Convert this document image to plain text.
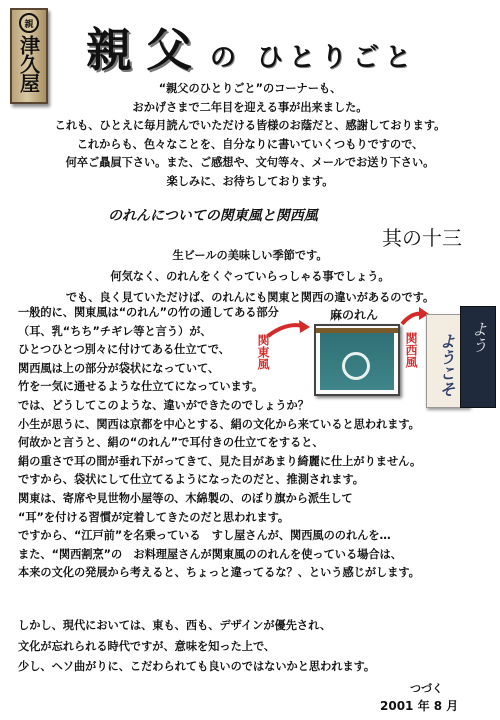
親
津久屋 親父 の ひとりごと
“親父のひとりごと”のコーナーも、
おかげさまで二年目を迎える事が出来ました。
これも、ひとえに毎月読んでいただける皆様のお蔭だと、感謝しております。
これからも、色々なことを、自分なりに書いていくつもりですので、
何卒ご贔屓下さい。また、ご感想や、文句等々、メールでお送り下さい。
楽しみに、お待ちしております。
のれんについての関東風と関西風
其の十三
生ビールの美味しい季節です。
何気なく、のれんをくぐっていらっしゃる事でしょう。
でも、良く見ていただけば、のれんにも関東と関西の違いがあるのです。
一般的に、関東風は“のれん”の竹の通してある部分
（耳、乳“ちち”チギレ等と言う）が、
ひとつひとつ別々に付けてある仕立てで、
関西風は上の部分が袋状になっていて、
竹を一気に通せるような仕立てになっています。
関東風
麻のれん
関西風 ようこそ よう
では、どうしてこのような、違いができたのでしょうか？
小生が思うに、関西は京都を中心とする、絹の文化から来ていると思われます。
何故かと言うと、絹の“のれん”で耳付きの仕立てをすると、
絹の重さで耳の間が垂れ下がってきて、見た目があまり綺麗に仕上がりません。
ですから、袋状にして仕立てるようになったのだと、推測されます。
関東は、寄席や見世物小屋等の、木綿製の、のぼり旗から派生して
“耳”を付ける習慣が定着してきたのだと思われます。
ですから、“江戸前”を名乗っている　すし屋さんが、関西風ののれんを…
また、“関西割烹”の　お料理屋さんが関東風ののれんを使っている場合は、
本来の文化の発展から考えると、ちょっと違ってるな？、という感じがします。
しかし、現代においては、東も、西も、デザインが優先され、
文化が忘れられる時代ですが、意味を知った上で、
少し、ヘソ曲がりに、こだわられても良いのではないかと思われます。
つづく
2001 年 8 月
